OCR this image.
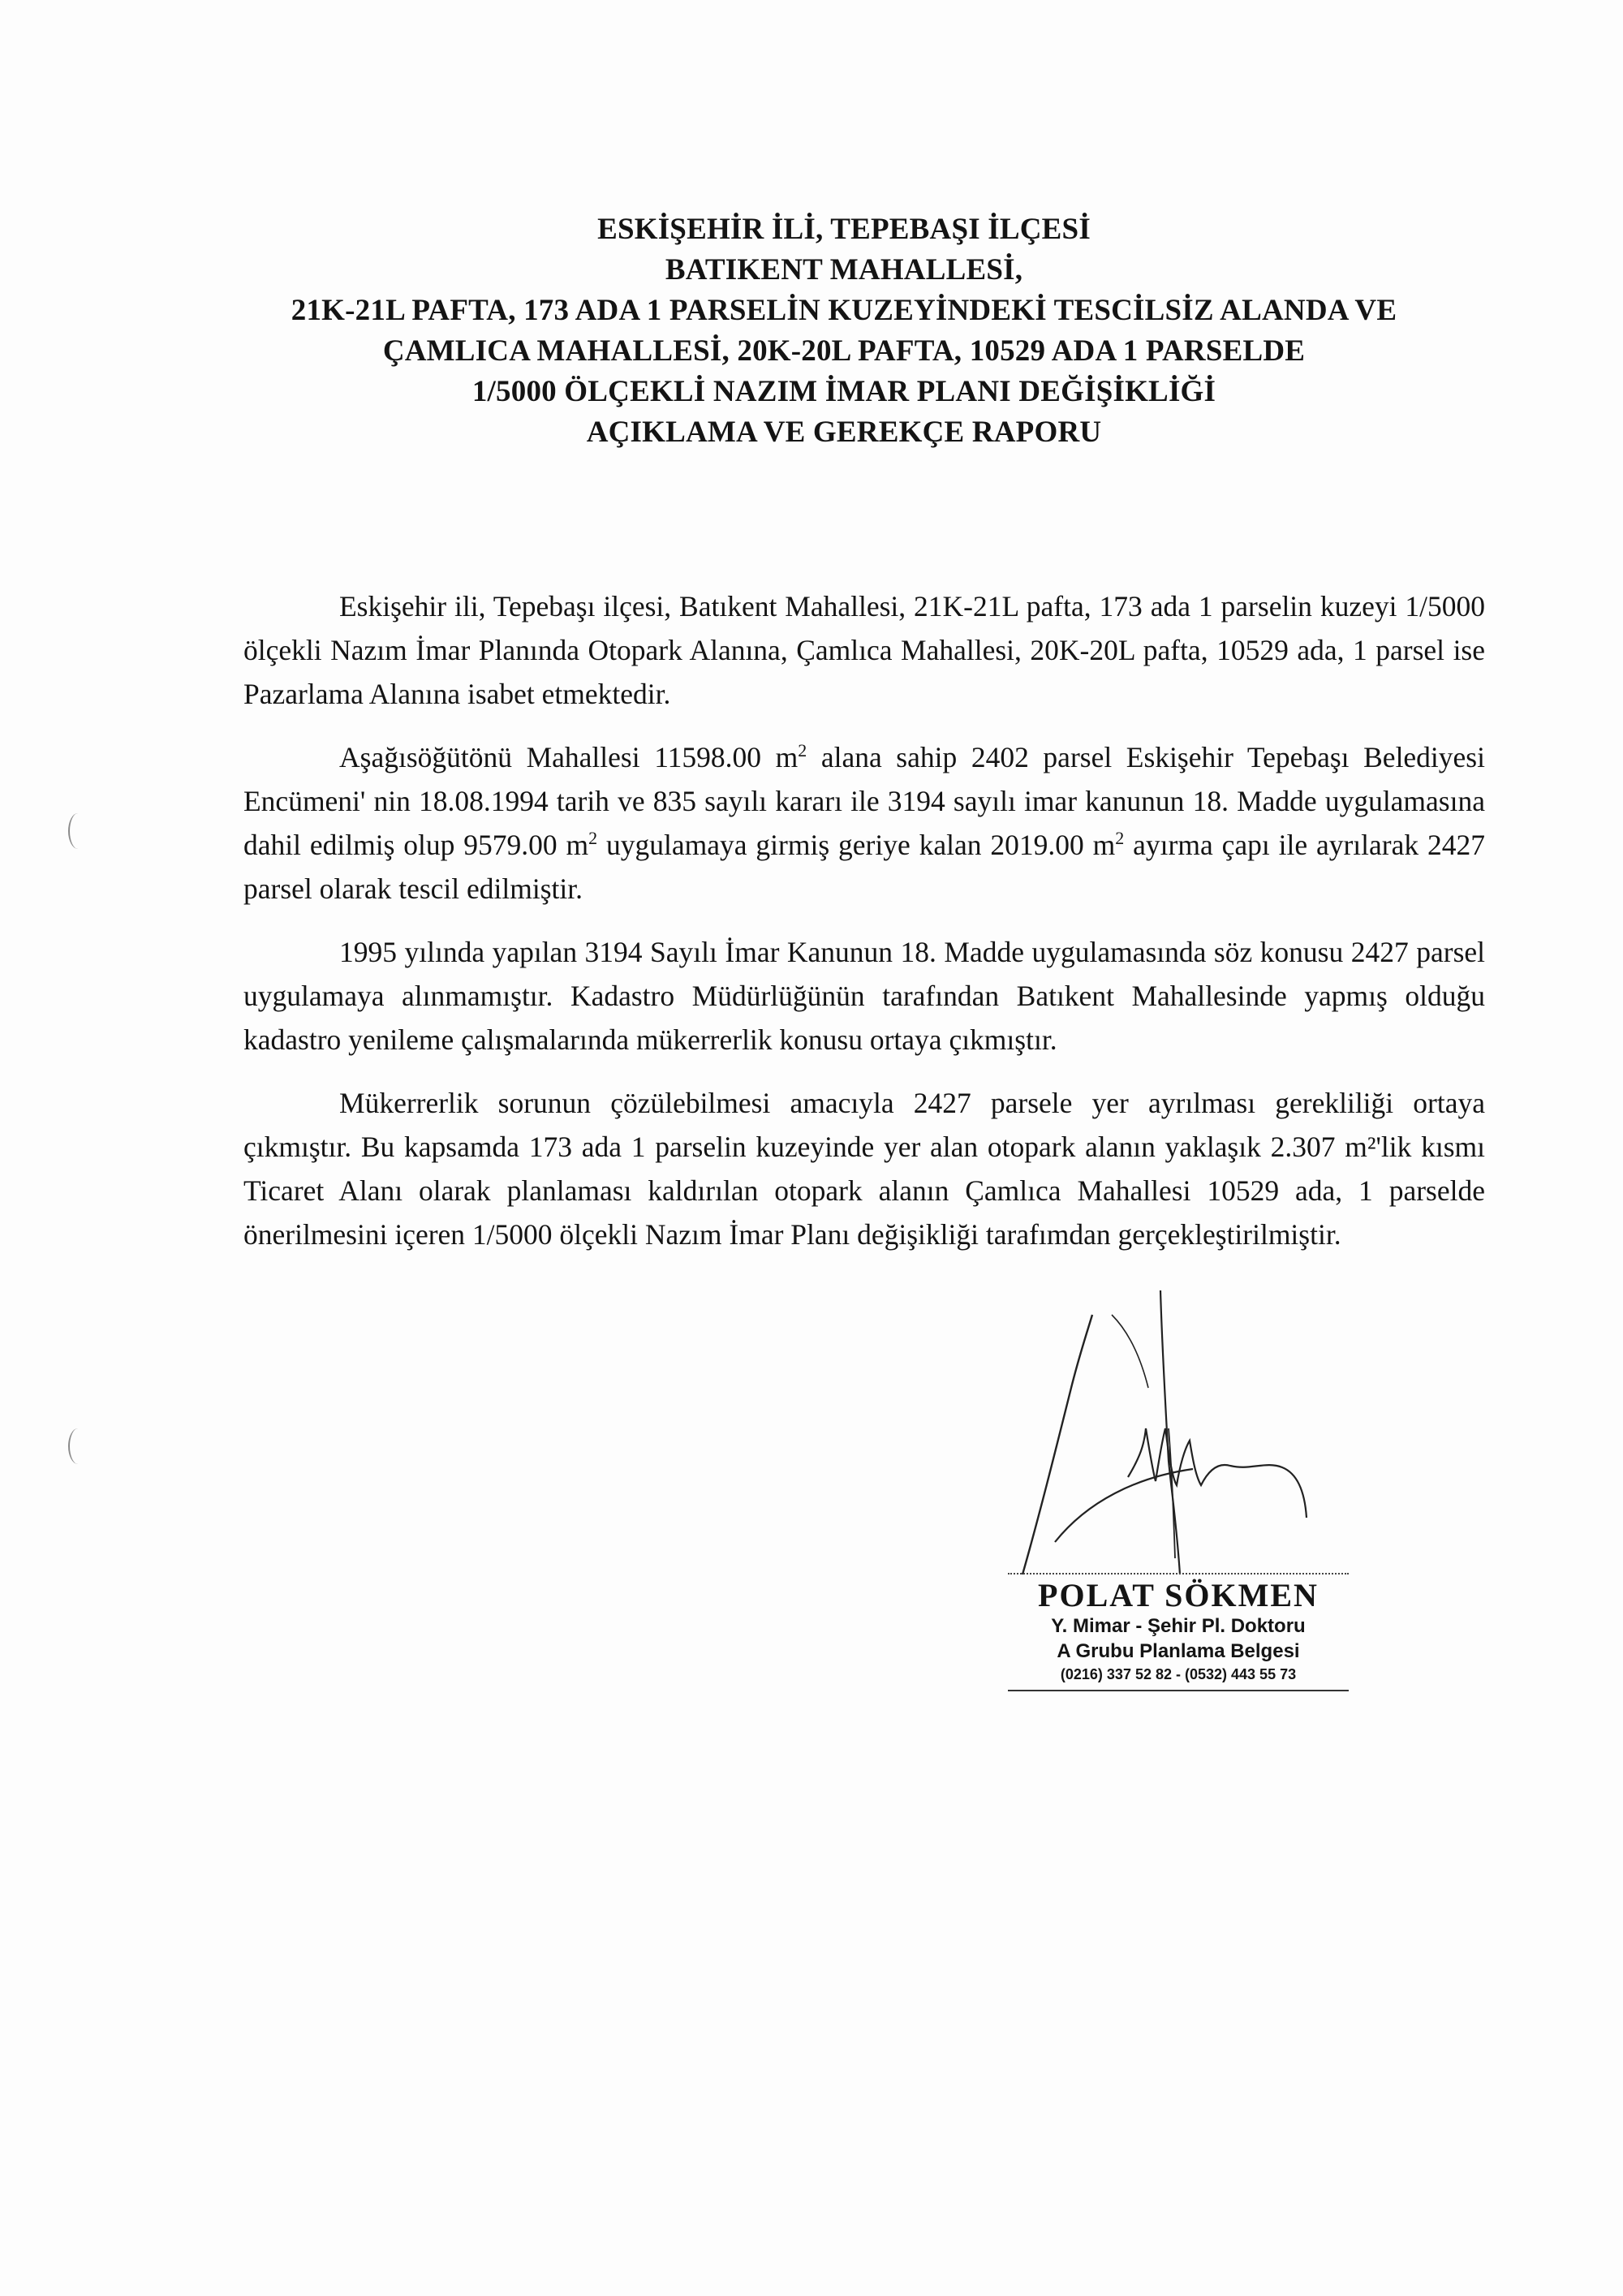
ESKİŞEHİR İLİ, TEPEBAŞI İLÇESİ
BATIKENT MAHALLESİ,
21K-21L PAFTA, 173 ADA 1 PARSELİN KUZEYİNDEKİ TESCİLSİZ ALANDA VE
ÇAMLICA MAHALLESİ, 20K-20L PAFTA, 10529 ADA 1 PARSELDE
1/5000 ÖLÇEKLİ NAZIM İMAR PLANI DEĞİŞİKLİĞİ
AÇIKLAMA VE GEREKÇE RAPORU

Eskişehir ili, Tepebaşı ilçesi, Batıkent Mahallesi, 21K-21L pafta, 173 ada 1 parselin kuzeyi 1/5000 ölçekli Nazım İmar Planında Otopark Alanına, Çamlıca Mahallesi, 20K-20L pafta, 10529 ada, 1 parsel ise Pazarlama Alanına isabet etmektedir.

Aşağısöğütönü Mahallesi 11598.00 $m^2$ alana sahip 2402 parsel Eskişehir Tepebaşı Belediyesi Encümeni' nin 18.08.1994 tarih ve 835 sayılı kararı ile 3194 sayılı imar kanunun 18. Madde uygulamasına dahil edilmiş olup 9579.00 $m^2$ uygulamaya girmiş geriye kalan 2019.00 $m^2$ ayırma çapı ile ayrılarak 2427 parsel olarak tescil edilmiştir.

1995 yılında yapılan 3194 Sayılı İmar Kanunun 18. Madde uygulamasında söz konusu 2427 parsel uygulamaya alınmamıştır. Kadastro Müdürlüğünün tarafından Batıkent Mahallesinde yapmış olduğu kadastro yenileme çalışmalarında mükerrerlik konusu ortaya çıkmıştır.

Mükerrerlik sorunun çözülebilmesi amacıyla 2427 parsele yer ayrılması gerekliliği ortaya çıkmıştır. Bu kapsamda 173 ada 1 parselin kuzeyinde yer alan otopark alanın yaklaşık 2.307 m²'lik kısmı Ticaret Alanı olarak planlaması kaldırılan otopark alanın Çamlıca Mahallesi 10529 ada, 1 parselde önerilmesini içeren 1/5000 ölçekli Nazım İmar Planı değişikliği tarafımdan gerçekleştirilmiştir.

POLAT SÖKMEN
Y. Mimar - Şehir Pl. Doktoru
A Grubu Planlama Belgesi
(0216) 337 52 82 - (0532) 443 55 73
